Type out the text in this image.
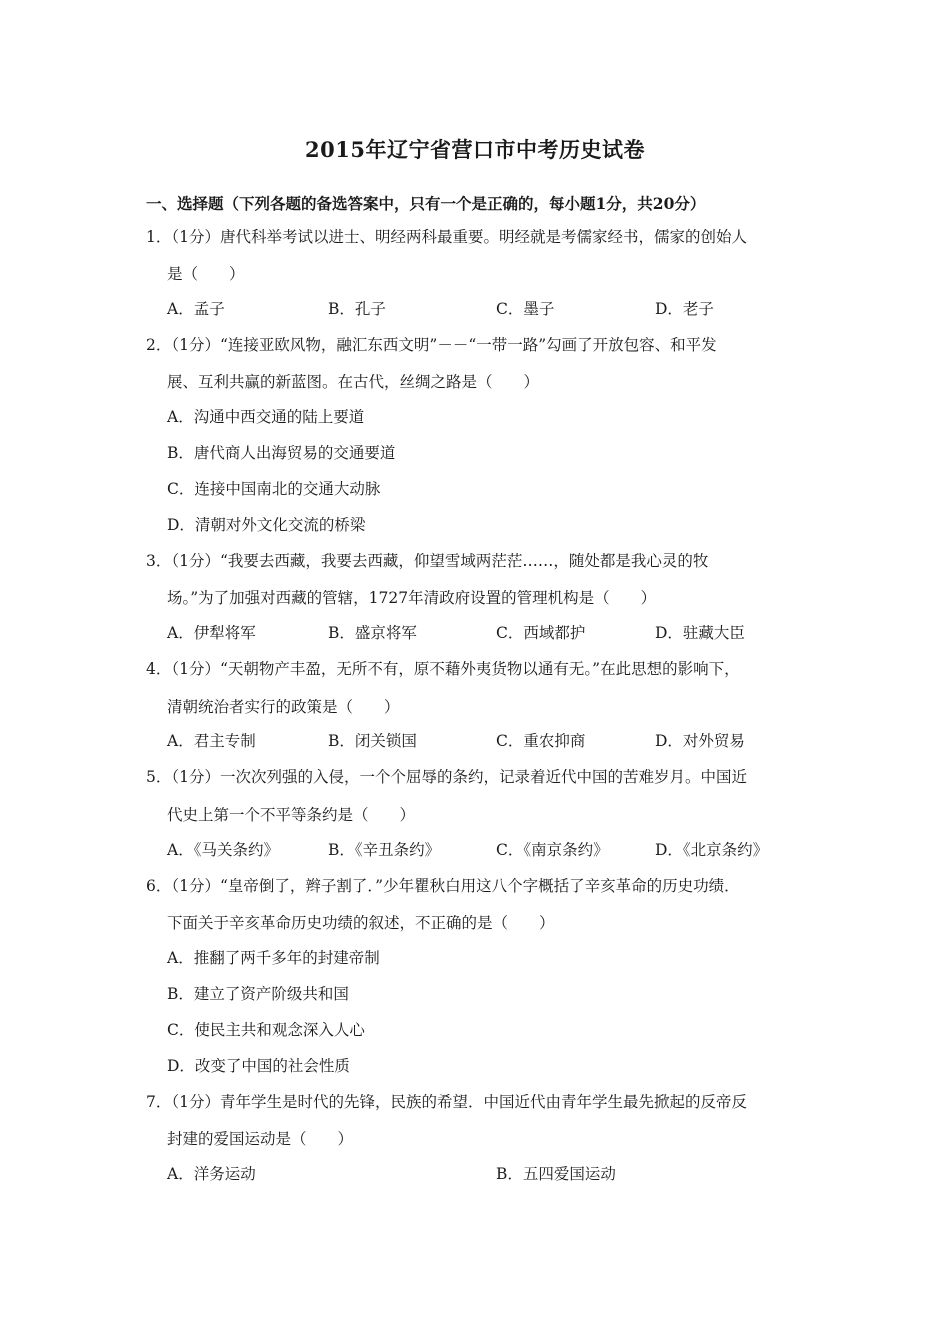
2015年辽宁省营口市中考历史试卷
一、选择题（下列各题的备选答案中，只有一个是正确的，每小题1分，共20分）
1．（1分）唐代科举考试以进士、明经两科最重要。明经就是考儒家经书，儒家的创始人
是（　　）
A．孟子	B．孔子	C．墨子	D．老子
2．（1分）“连接亚欧风物，融汇东西文明”－－“一带一路”勾画了开放包容、和平发
展、互利共赢的新蓝图。在古代，丝绸之路是（　　）
A．沟通中西交通的陆上要道
B．唐代商人出海贸易的交通要道
C．连接中国南北的交通大动脉
D．清朝对外文化交流的桥梁
3．（1分）“我要去西藏，我要去西藏，仰望雪域两茫茫……，随处都是我心灵的牧
场。”为了加强对西藏的管辖，1727年清政府设置的管理机构是（　　）
A．伊犁将军	B．盛京将军	C．西域都护	D．驻藏大臣
4．（1分）“天朝物产丰盈，无所不有，原不藉外夷货物以通有无。”在此思想的影响下，
清朝统治者实行的政策是（　　）
A．君主专制	B．闭关锁国	C．重农抑商	D．对外贸易
5．（1分）一次次列强的入侵，一个个屈辱的条约，记录着近代中国的苦难岁月。中国近
代史上第一个不平等条约是（　　）
A．《马关条约》	B．《辛丑条约》	C．《南京条约》	D．《北京条约》
6．（1分）“皇帝倒了，辫子割了．”少年瞿秋白用这八个字概括了辛亥革命的历史功绩．
下面关于辛亥革命历史功绩的叙述，不正确的是（　　）
A．推翻了两千多年的封建帝制
B．建立了资产阶级共和国
C．使民主共和观念深入人心
D．改变了中国的社会性质
7．（1分）青年学生是时代的先锋，民族的希望．中国近代由青年学生最先掀起的反帝反
封建的爱国运动是（　　）
A．洋务运动	B．五四爱国运动
